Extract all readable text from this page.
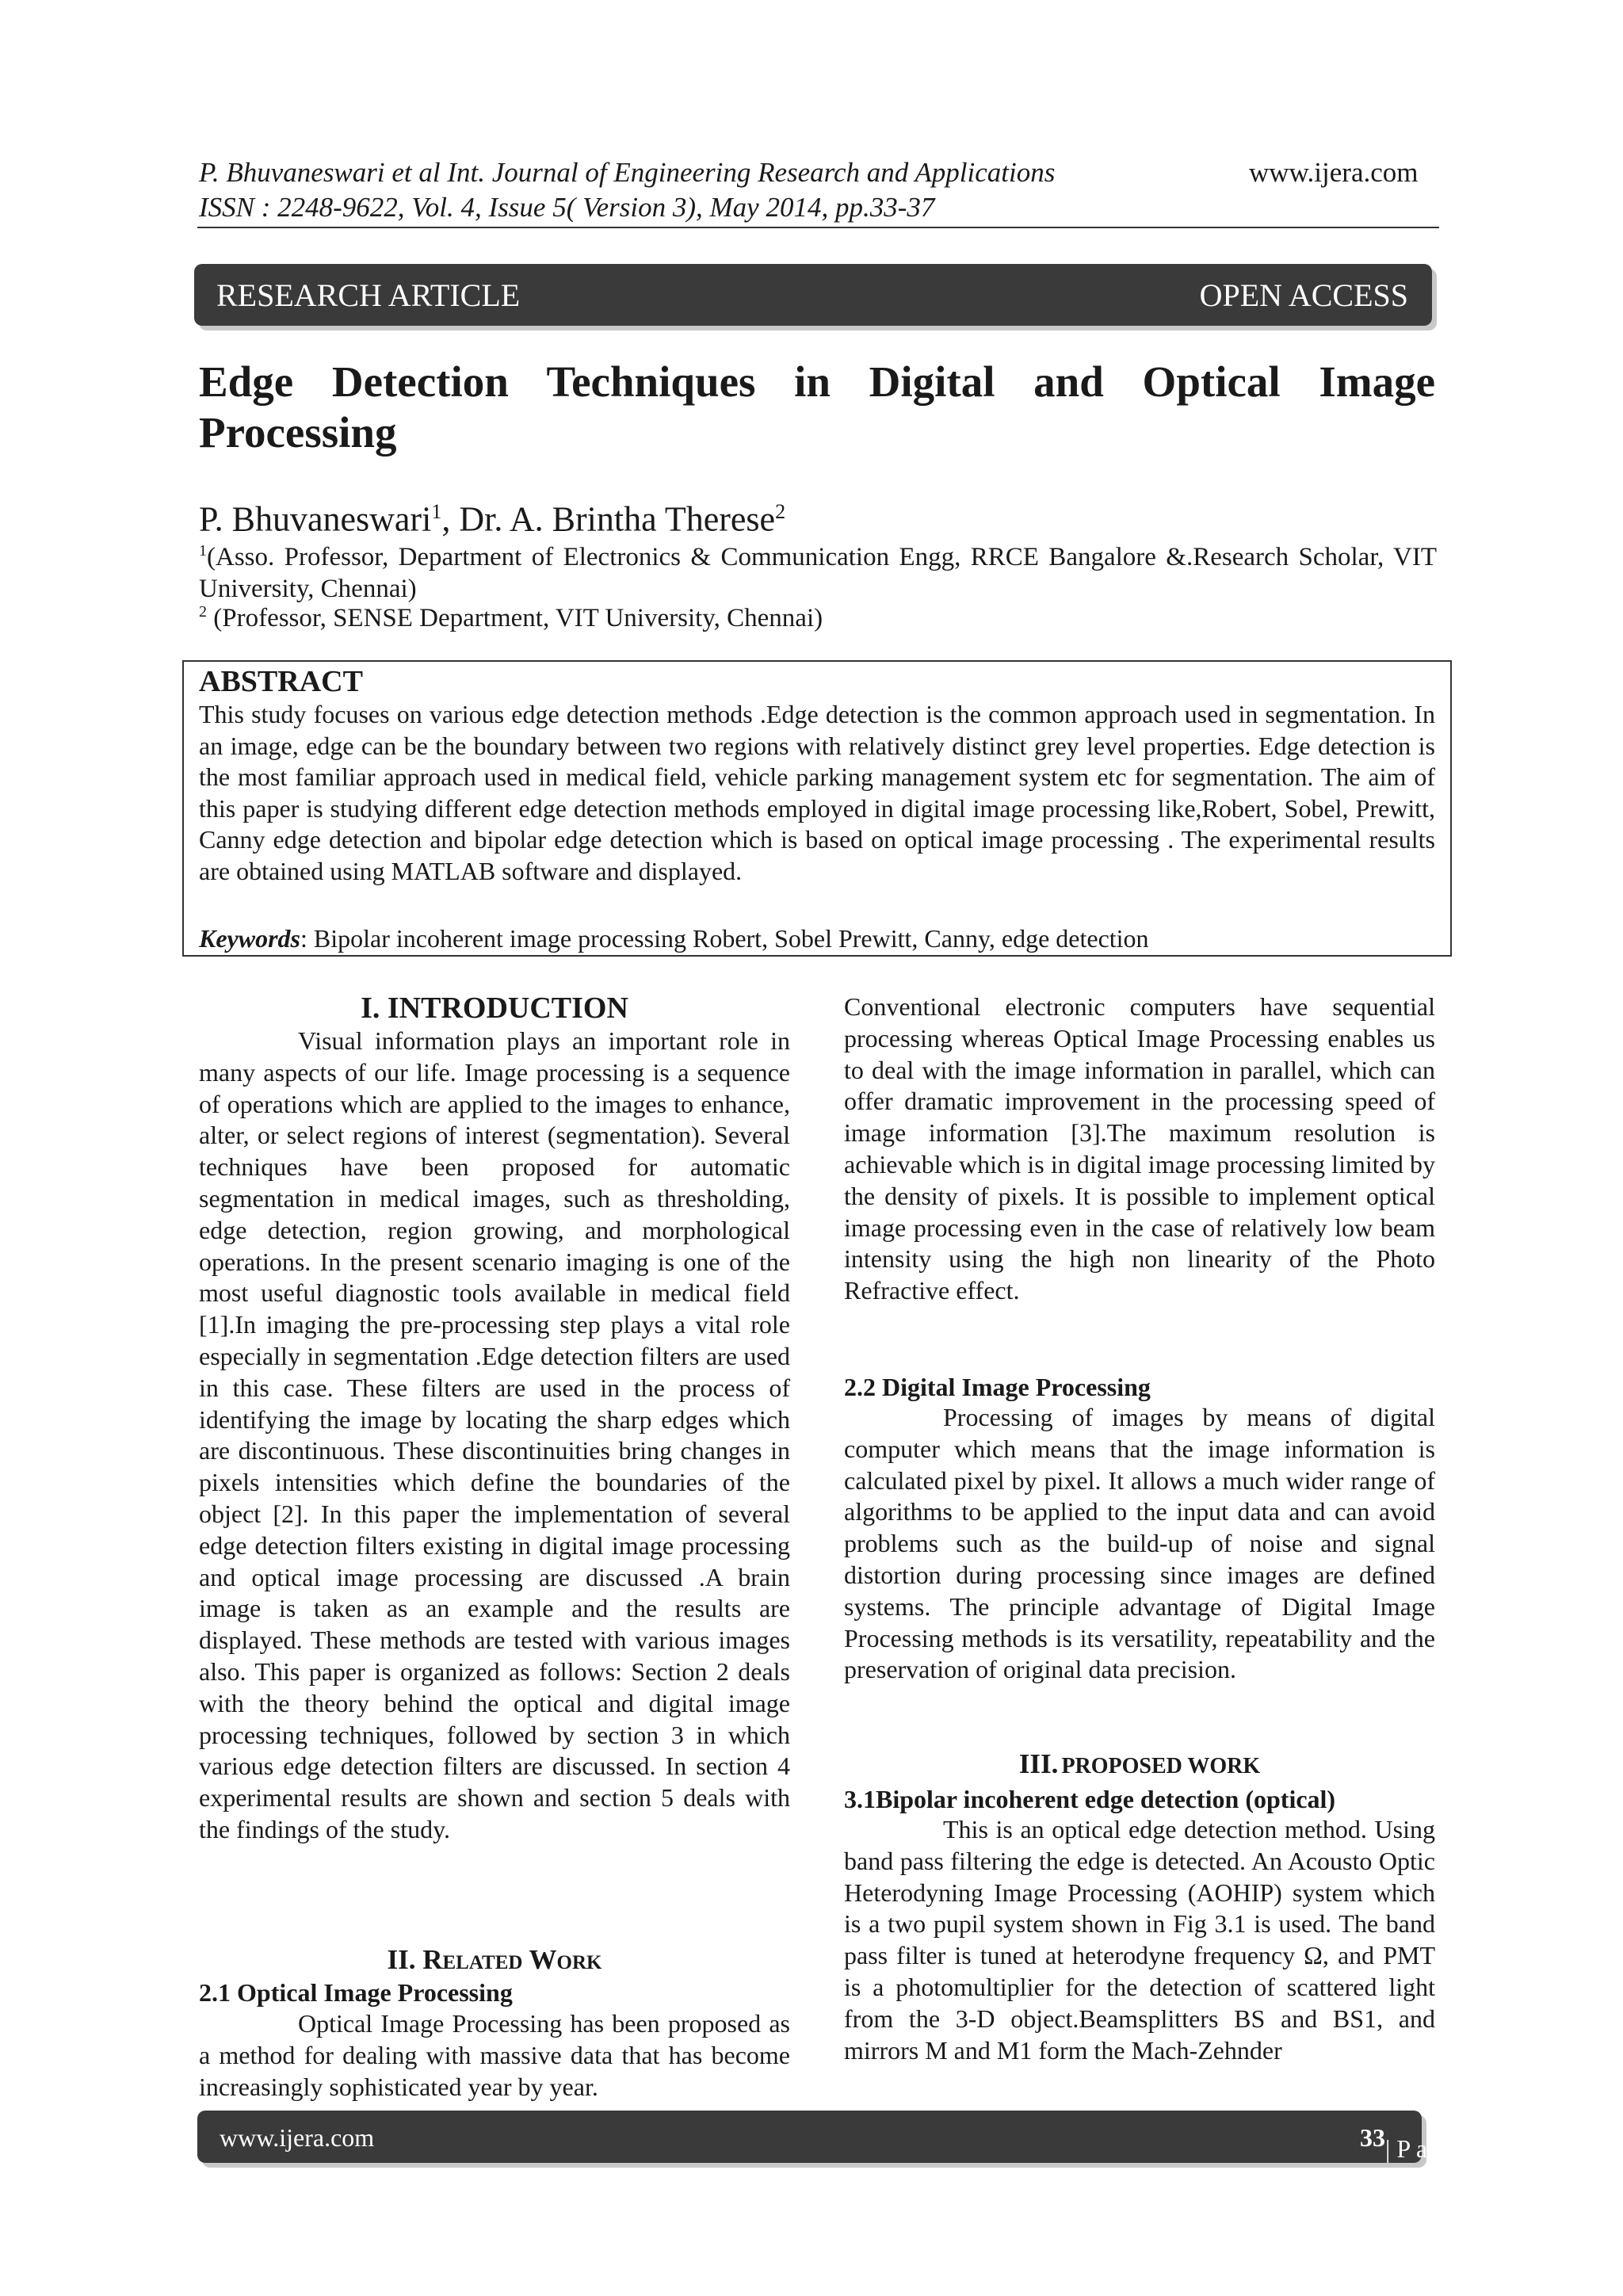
P. Bhuvaneswari et al Int. Journal of Engineering Research and Applications	www.ijera.com
ISSN : 2248-9622, Vol. 4, Issue 5( Version 3), May 2014, pp.33-37
RESEARCH ARTICLE	OPEN ACCESS
Edge Detection Techniques in Digital and Optical Image Processing
P. Bhuvaneswari$^1$, Dr. A. Brintha Therese$^2$
$^1$(Asso. Professor, Department of Electronics & Communication Engg, RRCE Bangalore &.Research Scholar, VIT University, Chennai)
$^2$ (Professor, SENSE Department, VIT University, Chennai)
ABSTRACT
This study focuses on various edge detection methods .Edge detection is the common approach used in segmentation. In an image, edge can be the boundary between two regions with relatively distinct grey level properties. Edge detection is the most familiar approach used in medical field, vehicle parking management system etc for segmentation. The aim of this paper is studying different edge detection methods employed in digital image processing like,Robert, Sobel, Prewitt, Canny edge detection and bipolar edge detection which is based on optical image processing . The experimental results are obtained using MATLAB software and displayed.
Keywords: Bipolar incoherent image processing Robert, Sobel Prewitt, Canny, edge detection
I. INTRODUCTION
Visual information plays an important role in many aspects of our life. Image processing is a sequence of operations which are applied to the images to enhance, alter, or select regions of interest (segmentation). Several techniques have been proposed for automatic segmentation in medical images, such as thresholding, edge detection, region growing, and morphological operations. In the present scenario imaging is one of the most useful diagnostic tools available in medical field [1].In imaging the pre-processing step plays a vital role especially in segmentation .Edge detection filters are used in this case. These filters are used in the process of identifying the image by locating the sharp edges which are discontinuous. These discontinuities bring changes in pixels intensities which define the boundaries of the object [2]. In this paper the implementation of several edge detection filters existing in digital image processing and optical image processing are discussed .A brain image is taken as an example and the results are displayed. These methods are tested with various images also. This paper is organized as follows: Section 2 deals with the theory behind the optical and digital image processing techniques, followed by section 3 in which various edge detection filters are discussed. In section 4 experimental results are shown and section 5 deals with the findings of the study.
II. Related Work
2.1 Optical Image Processing
Optical Image Processing has been proposed as a method for dealing with massive data that has become increasingly sophisticated year by year.
Conventional electronic computers have sequential processing whereas Optical Image Processing enables us to deal with the image information in parallel, which can offer dramatic improvement in the processing speed of image information [3].The maximum resolution is achievable which is in digital image processing limited by the density of pixels. It is possible to implement optical image processing even in the case of relatively low beam intensity using the high non linearity of the Photo Refractive effect.
2.2 Digital Image Processing
Processing of images by means of digital computer which means that the image information is calculated pixel by pixel. It allows a much wider range of algorithms to be applied to the input data and can avoid problems such as the build-up of noise and signal distortion during processing since images are defined systems. The principle advantage of Digital Image Processing methods is its versatility, repeatability and the preservation of original data precision.
III. PROPOSED WORK
3.1Bipolar incoherent edge detection (optical)
This is an optical edge detection method. Using band pass filtering the edge is detected. An Acousto Optic Heterodyning Image Processing (AOHIP) system which is a two pupil system shown in Fig 3.1 is used. The band pass filter is tuned at heterodyne frequency Ω, and PMT is a photomultiplier for the detection of scattered light from the 3-D object.Beamsplitters BS and BS1, and mirrors M and M1 form the Mach-Zehnder
www.ijera.com	33 | P a g e
